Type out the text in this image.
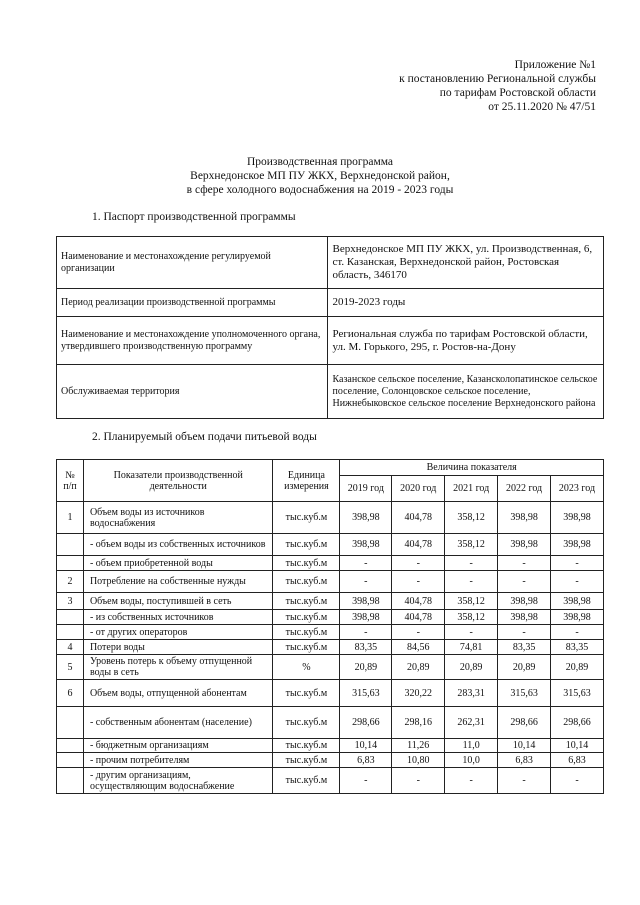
Приложение №1
к постановлению Региональной службы
по тарифам Ростовской области
от 25.11.2020 № 47/51
Производственная программа
Верхнедонское МП ПУ ЖКХ, Верхнедонской район,
в сфере холодного водоснабжения на 2019 - 2023 годы
1. Паспорт производственной программы
Наименование и местонахождение регулируемой организации	Верхнедонское МП ПУ ЖКХ, ул. Производственная, 6, ст. Казанская, Верхнедонской район, Ростовская область, 346170
Период реализации производственной программы	2019-2023 годы
Наименование и местонахождение уполномоченного органа, утвердившего производственную программу	Региональная служба по тарифам Ростовской области, ул. М. Горького, 295, г. Ростов-на-Дону
Обслуживаемая территория	Казанское сельское поселение, Казансколопатинское сельское поселение, Солонцовское сельское поселение, Нижнебыковское сельское поселение Верхнедонского района
2. Планируемый объем подачи питьевой воды
№ п/п	Показатели производственной деятельности	Единица измерения	Величина показателя				
			2019 год	2020 год	2021 год	2022 год	2023 год
1	Объем воды из источников водоснабжения	тыс.куб.м	398,98	404,78	358,12	398,98	398,98
	- объем воды из собственных источников	тыс.куб.м	398,98	404,78	358,12	398,98	398,98
	- объем приобретенной воды	тыс.куб.м	-	-	-	-	-
2	Потребление на собственные нужды	тыс.куб.м	-	-	-	-	-
3	Объем воды, поступившей в сеть	тыс.куб.м	398,98	404,78	358,12	398,98	398,98
	- из собственных источников	тыс.куб.м	398,98	404,78	358,12	398,98	398,98
	- от других операторов	тыс.куб.м	-	-	-	-	-
4	Потери воды	тыс.куб.м	83,35	84,56	74,81	83,35	83,35
5	Уровень потерь к объему отпущенной воды в сеть	%	20,89	20,89	20,89	20,89	20,89
6	Объем воды, отпущенной абонентам	тыс.куб.м	315,63	320,22	283,31	315,63	315,63
	- собственным абонентам (население)	тыс.куб.м	298,66	298,16	262,31	298,66	298,66
	- бюджетным организациям	тыс.куб.м	10,14	11,26	11,0	10,14	10,14
	- прочим потребителям	тыс.куб.м	6,83	10,80	10,0	6,83	6,83
	- другим организациям, осуществляющим водоснабжение	тыс.куб.м	-	-	-	-	-
